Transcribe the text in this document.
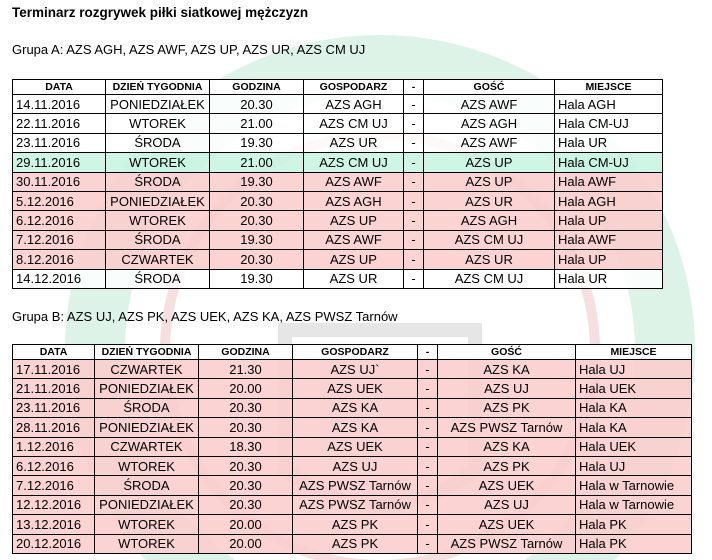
Terminarz rozgrywek piłki siatkowej mężczyzn
Grupa A: AZS AGH, AZS AWF, AZS UP, AZS UR, AZS CM UJ
DATA	DZIEŃ TYGODNIA	GODZINA	GOSPODARZ	-	GOŚĆ	MIEJSCE
14.11.2016	PONIEDZIAŁEK	20.30	AZS AGH	-	AZS AWF	Hala AGH
22.11.2016	WTOREK	21.00	AZS CM UJ	-	AZS AGH	Hala CM-UJ
23.11.2016	ŚRODA	19.30	AZS UR	-	AZS AWF	Hala UR
29.11.2016	WTOREK	21.00	AZS CM UJ	-	AZS UP	Hala CM-UJ
30.11.2016	ŚRODA	19.30	AZS AWF	-	AZS UP	Hala AWF
5.12.2016	PONIEDZIAŁEK	20.30	AZS AGH	-	AZS UR	Hala AGH
6.12.2016	WTOREK	20.30	AZS UP	-	AZS AGH	Hala UP
7.12.2016	ŚRODA	19.30	AZS AWF	-	AZS CM UJ	Hala AWF
8.12.2016	CZWARTEK	20.30	AZS UP	-	AZS UR	Hala UP
14.12.2016	ŚRODA	19.30	AZS UR	-	AZS CM UJ	Hala UR
Grupa B: AZS UJ, AZS PK, AZS UEK, AZS KA, AZS PWSZ Tarnów
DATA	DZIEŃ TYGODNIA	GODZINA	GOSPODARZ	-	GOŚĆ	MIEJSCE
17.11.2016	CZWARTEK	21.30	AZS UJ`	-	AZS KA	Hala UJ
21.11.2016	PONIEDZIAŁEK	20.00	AZS UEK	-	AZS UJ	Hala UEK
23.11.2016	ŚRODA	20.30	AZS KA	-	AZS PK	Hala KA
28.11.2016	PONIEDZIAŁEK	20.30	AZS KA	-	AZS PWSZ Tarnów	Hala KA
1.12.2016	CZWARTEK	18.30	AZS UEK	-	AZS KA	Hala UEK
6.12.2016	WTOREK	20.30	AZS UJ	-	AZS PK	Hala UJ
7.12.2016	ŚRODA	20.30	AZS PWSZ Tarnów	-	AZS UEK	Hala w Tarnowie
12.12.2016	PONIEDZIAŁEK	20.30	AZS PWSZ Tarnów	-	AZS UJ	Hala w Tarnowie
13.12.2016	WTOREK	20.00	AZS PK	-	AZS UEK	Hala PK
20.12.2016	WTOREK	20.00	AZS PK	-	AZS PWSZ Tarnów	Hala PK
